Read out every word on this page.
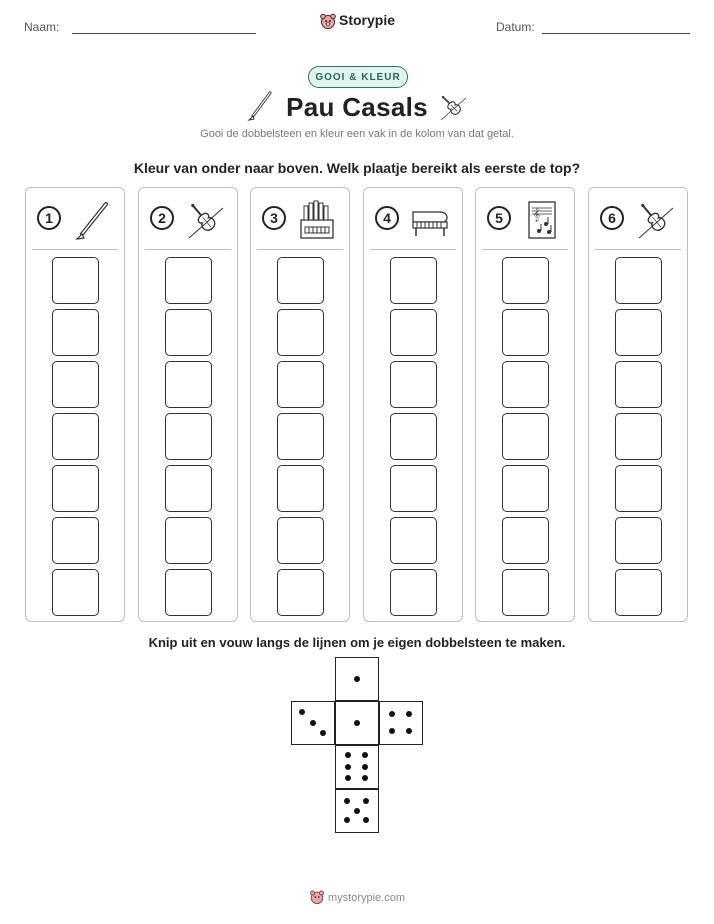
Naam:	Storypie	Datum:
GOOI & KLEUR
Pau Casals
Gooi de dobbelsteen en kleur een vak in de kolom van dat getal.
Kleur van onder naar boven. Welk plaatje bereikt als eerste de top?
1	2	3	4	5	𝄞	6
Knip uit en vouw langs de lijnen om je eigen dobbelsteen te maken.
mystorypie.com
